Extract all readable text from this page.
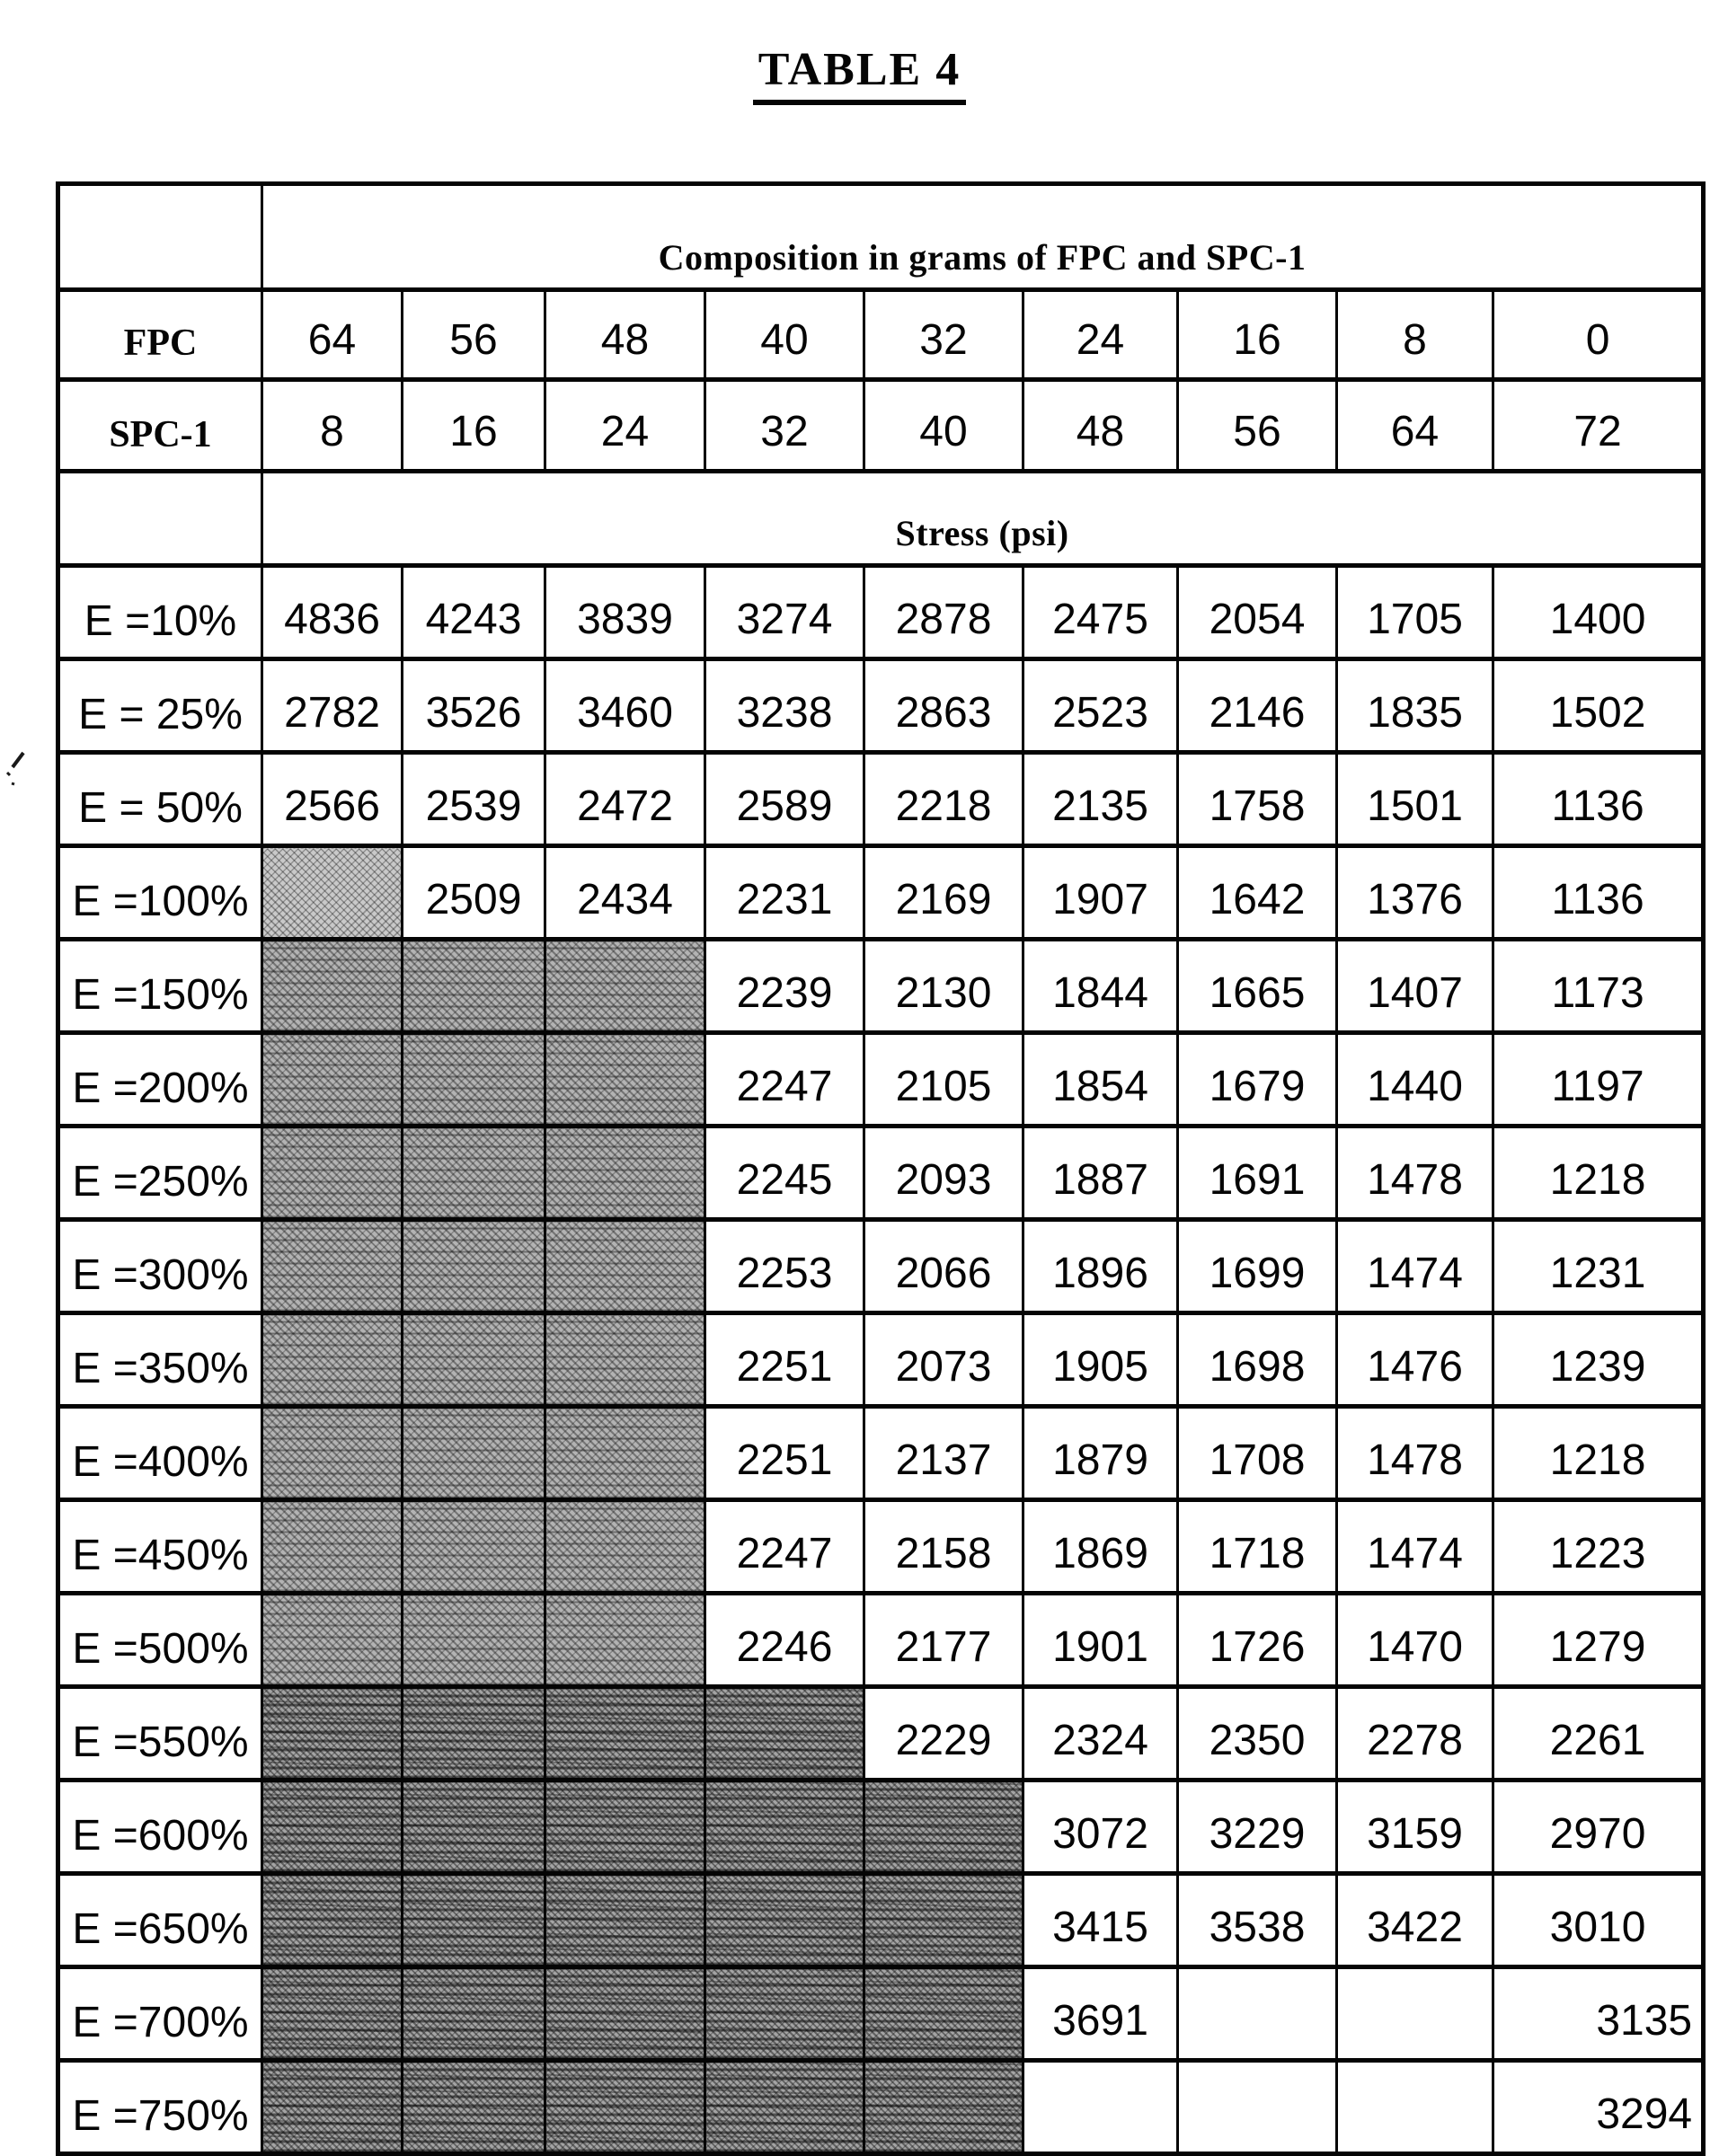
TABLE 4
	Composition in grams of FPC and SPC-1								
FPC	64	56	48	40	32	24	16	8	0
SPC-1	8	16	24	32	40	48	56	64	72
	Stress (psi)								
E =10%	4836	4243	3839	3274	2878	2475	2054	1705	1400
E = 25%	2782	3526	3460	3238	2863	2523	2146	1835	1502
E = 50%	2566	2539	2472	2589	2218	2135	1758	1501	1136
E =100%		2509	2434	2231	2169	1907	1642	1376	1136
E =150%				2239	2130	1844	1665	1407	1173
E =200%				2247	2105	1854	1679	1440	1197
E =250%				2245	2093	1887	1691	1478	1218
E =300%				2253	2066	1896	1699	1474	1231
E =350%				2251	2073	1905	1698	1476	1239
E =400%				2251	2137	1879	1708	1478	1218
E =450%				2247	2158	1869	1718	1474	1223
E =500%				2246	2177	1901	1726	1470	1279
E =550%					2229	2324	2350	2278	2261
E =600%						3072	3229	3159	2970
E =650%						3415	3538	3422	3010
E =700%						3691			3135
E =750%									3294
